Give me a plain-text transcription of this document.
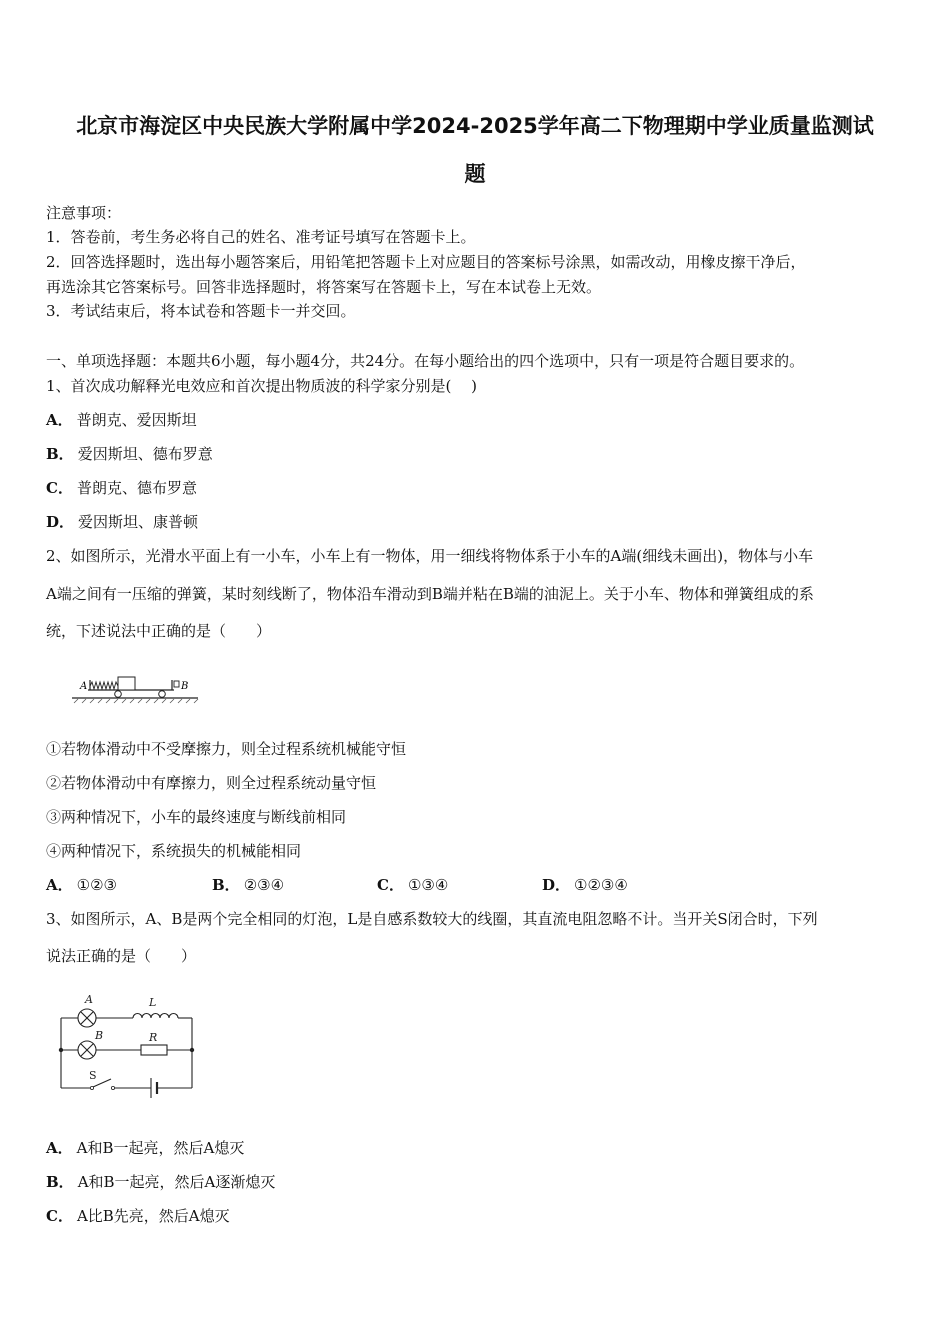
北京市海淀区中央民族大学附属中学2024-2025学年高二下物理期中学业质量监测试
题
注意事项：
1．答卷前，考生务必将自己的姓名、准考证号填写在答题卡上。
2．回答选择题时，选出每小题答案后，用铅笔把答题卡上对应题目的答案标号涂黑，如需改动，用橡皮擦干净后，
再选涂其它答案标号。回答非选择题时，将答案写在答题卡上，写在本试卷上无效。
3．考试结束后，将本试卷和答题卡一并交回。
一、单项选择题：本题共6小题，每小题4分，共24分。在每小题给出的四个选项中，只有一项是符合题目要求的。
1、首次成功解释光电效应和首次提出物质波的科学家分别是(　 )
A． 普朗克、爱因斯坦
B． 爱因斯坦、德布罗意
C． 普朗克、德布罗意
D． 爱因斯坦、康普顿
2、如图所示，光滑水平面上有一小车，小车上有一物体，用一细线将物体系于小车的A端(细线未画出)，物体与小车
A端之间有一压缩的弹簧，某时刻线断了，物体沿车滑动到B端并粘在B端的油泥上。关于小车、物体和弹簧组成的系
统，下述说法中正确的是（　　）
A	B
①若物体滑动中不受摩擦力，则全过程系统机械能守恒
②若物体滑动中有摩擦力，则全过程系统动量守恒
③两种情况下，小车的最终速度与断线前相同
④两种情况下，系统损失的机械能相同
A． ①②③	B． ②③④	C． ①③④	D． ①②③④
3、如图所示，A、B是两个完全相同的灯泡，L是自感系数较大的线圈，其直流电阻忽略不计。当开关S闭合时，下列
说法正确的是（　　）
A
B
L
R
S
A． A和B一起亮，然后A熄灭
B． A和B一起亮，然后A逐渐熄灭
C． A比B先亮，然后A熄灭
